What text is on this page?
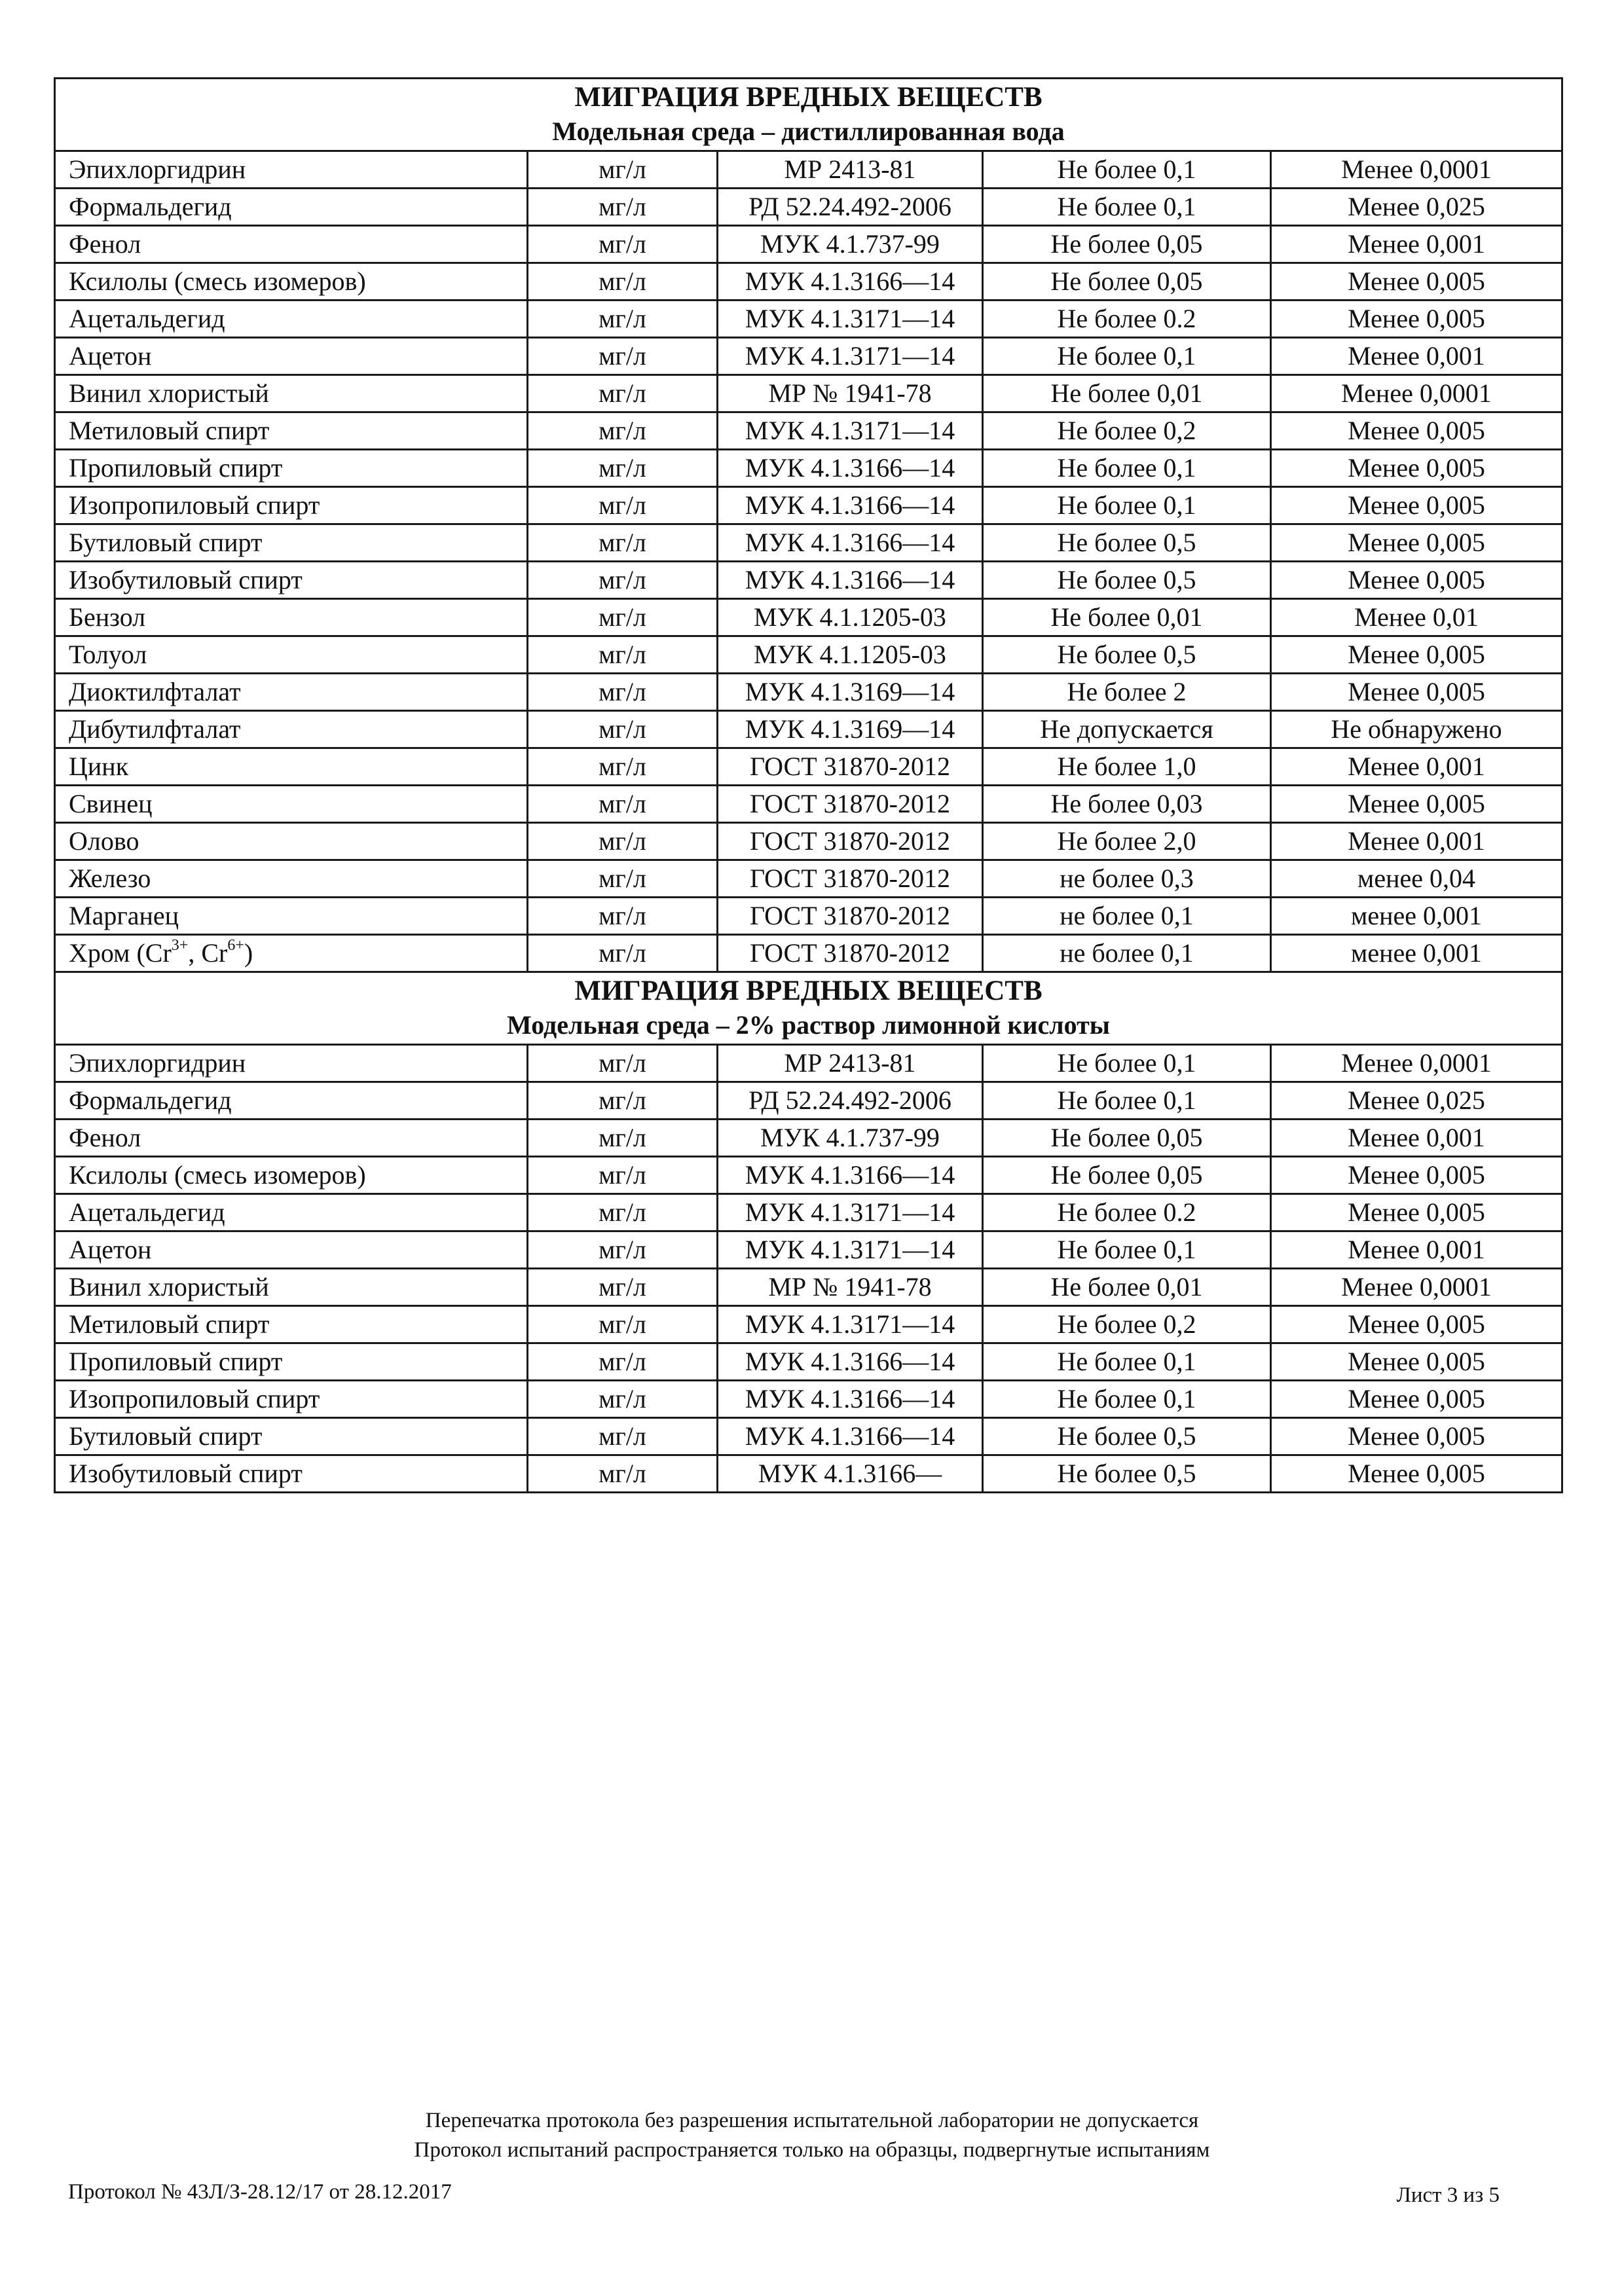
МИГРАЦИЯ ВРЕДНЫХ ВЕЩЕСТВ
Модельная среда – дистиллированная вода				
Эпихлоргидрин	мг/л	МР 2413-81	Не более 0,1	Менее 0,0001
Формальдегид	мг/л	РД 52.24.492-2006	Не более 0,1	Менее 0,025
Фенол	мг/л	МУК 4.1.737-99	Не более 0,05	Менее 0,001
Ксилолы (смесь изомеров)	мг/л	МУК 4.1.3166—14	Не более 0,05	Менее 0,005
Ацетальдегид	мг/л	МУК 4.1.3171—14	Не более 0.2	Менее 0,005
Ацетон	мг/л	МУК 4.1.3171—14	Не более 0,1	Менее 0,001
Винил хлористый	мг/л	МР № 1941-78	Не более 0,01	Менее 0,0001
Метиловый спирт	мг/л	МУК 4.1.3171—14	Не более 0,2	Менее 0,005
Пропиловый спирт	мг/л	МУК 4.1.3166—14	Не более 0,1	Менее 0,005
Изопропиловый спирт	мг/л	МУК 4.1.3166—14	Не более 0,1	Менее 0,005
Бутиловый спирт	мг/л	МУК 4.1.3166—14	Не более 0,5	Менее 0,005
Изобутиловый спирт	мг/л	МУК 4.1.3166—14	Не более 0,5	Менее 0,005
Бензол	мг/л	МУК 4.1.1205-03	Не более 0,01	Менее 0,01
Толуол	мг/л	МУК 4.1.1205-03	Не более 0,5	Менее 0,005
Диоктилфталат	мг/л	МУК 4.1.3169—14	Не более 2	Менее 0,005
Дибутилфталат	мг/л	МУК 4.1.3169—14	Не допускается	Не обнаружено
Цинк	мг/л	ГОСТ 31870-2012	Не более 1,0	Менее 0,001
Свинец	мг/л	ГОСТ 31870-2012	Не более 0,03	Менее 0,005
Олово	мг/л	ГОСТ 31870-2012	Не более 2,0	Менее 0,001
Железо	мг/л	ГОСТ 31870-2012	не более 0,3	менее 0,04
Марганец	мг/л	ГОСТ 31870-2012	не более 0,1	менее 0,001
Хром ($Cr^{3+}$, $Cr^{6+}$)	мг/л	ГОСТ 31870-2012	не более 0,1	менее 0,001

МИГРАЦИЯ ВРЕДНЫХ ВЕЩЕСТВ
Модельная среда – 2% раствор лимонной кислоты				
Эпихлоргидрин	мг/л	МР 2413-81	Не более 0,1	Менее 0,0001
Формальдегид	мг/л	РД 52.24.492-2006	Не более 0,1	Менее 0,025
Фенол	мг/л	МУК 4.1.737-99	Не более 0,05	Менее 0,001
Ксилолы (смесь изомеров)	мг/л	МУК 4.1.3166—14	Не более 0,05	Менее 0,005
Ацетальдегид	мг/л	МУК 4.1.3171—14	Не более 0.2	Менее 0,005
Ацетон	мг/л	МУК 4.1.3171—14	Не более 0,1	Менее 0,001
Винил хлористый	мг/л	МР № 1941-78	Не более 0,01	Менее 0,0001
Метиловый спирт	мг/л	МУК 4.1.3171—14	Не более 0,2	Менее 0,005
Пропиловый спирт	мг/л	МУК 4.1.3166—14	Не более 0,1	Менее 0,005
Изопропиловый спирт	мг/л	МУК 4.1.3166—14	Не более 0,1	Менее 0,005
Бутиловый спирт	мг/л	МУК 4.1.3166—14	Не более 0,5	Менее 0,005
Изобутиловый спирт	мг/л	МУК 4.1.3166—	Не более 0,5	Менее 0,005
Перепечатка протокола без разрешения испытательной лаборатории не допускается
Протокол испытаний распространяется только на образцы, подвергнутые испытаниям
Протокол № 43Л/З-28.12/17 от 28.12.2017	Лист 3 из 5
